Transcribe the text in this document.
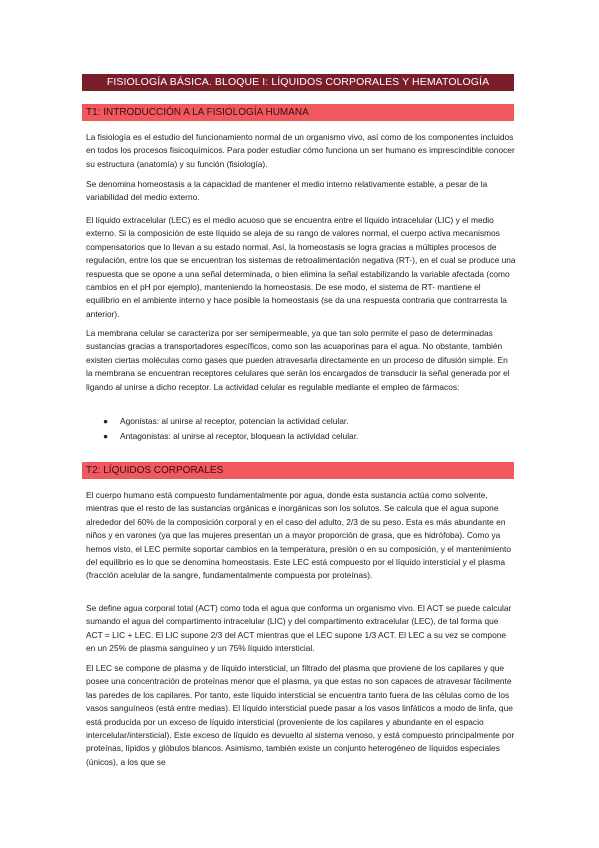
FISIOLOGÍA BÁSICA. BLOQUE I: LÍQUIDOS CORPORALES Y HEMATOLOGÍA
T1: INTRODUCCIÓN A LA FISIOLOGÍA HUMANA

La fisiología es el estudio del funcionamiento normal de un organismo vivo, así como de los componentes incluidos en todos los procesos fisicoquímicos. Para poder estudiar cómo funciona un ser humano es imprescindible conocer su estructura (anatomía) y su función (fisiología).

Se denomina homeostasis a la capacidad de mantener el medio interno relativamente estable, a pesar de la variabilidad del medio externo.

El líquido extracelular (LEC) es el medio acuoso que se encuentra entre el líquido intracelular (LIC) y el medio externo. Si la composición de este líquido se aleja de su rango de valores normal, el cuerpo activa mecanismos compensatorios que lo llevan a su estado normal. Así, la homeostasis se logra gracias a múltiples procesos de regulación, entre los que se encuentran los sistemas de retroalimentación negativa (RT-), en el cual se produce una respuesta que se opone a una señal determinada, o bien elimina la señal estabilizando la variable afectada (como cambios en el pH por ejemplo), manteniendo la homeostasis. De ese modo, el sistema de RT- mantiene el equilibrio en el ambiente interno y hace posible la homeostasis (se da una respuesta contraria que contrarresta la anterior).

La membrana celular se caracteriza por ser semipermeable, ya que tan solo permite el paso de determinadas sustancias gracias a transportadores específicos, como son las acuaporinas para el agua. No obstante, también existen ciertas moléculas como gases que pueden atravesarla directamente en un proceso de difusión simple. En la membrana se encuentran receptores celulares que serán los encargados de transducir la señal generada por el ligando al unirse a dicho receptor. La actividad celular es regulable mediante el empleo de fármacos:

● Agonistas: al unirse al receptor, potencian la actividad celular.
● Antagonistas: al unirse al receptor, bloquean la actividad celular.
T2: LÍQUIDOS CORPORALES

El cuerpo humano está compuesto fundamentalmente por agua, donde esta sustancia actúa como solvente, mientras que el resto de las sustancias orgánicas e inorgánicas son los solutos. Se calcula que el agua supone alrededor del 60% de la composición corporal y en el caso del adulto, 2/3 de su peso. Esta es más abundante en niños y en varones (ya que las mujeres presentan un a mayor proporción de grasa, que es hidrófoba). Como ya hemos visto, el LEC permite soportar cambios en la temperatura, presión o en su composición, y el mantenimiento del equilibrio es lo que se denomina homeostasis. Este LEC está compuesto por el líquido intersticial y el plasma (fracción acelular de la sangre, fundamentalmente compuesta por proteínas).

Se define agua corporal total (ACT) como toda el agua que conforma un organismo vivo. El ACT se puede calcular sumando el agua del compartimento intracelular (LIC) y del compartimento extracelular (LEC), de tal forma que ACT = LIC + LEC. El LIC supone 2/3 del ACT mientras que el LEC supone 1/3 ACT. El LEC a su vez se compone en un 25% de plasma sanguíneo y un 75% líquido intersticial.

El LEC se compone de plasma y de líquido intersticial, un filtrado del plasma que proviene de los capilares y que posee una concentración de proteínas menor que el plasma, ya que estas no son capaces de atravesar fácilmente las paredes de los capilares. Por tanto, este líquido intersticial se encuentra tanto fuera de las células como de los vasos sanguíneos (está entre medias). El líquido intersticial puede pasar a los vasos linfáticos a modo de linfa, que está producida por un exceso de líquido intersticial (proveniente de los capilares y abundante en el espacio intercelular/intersticial). Este exceso de líquido es devuelto al sistema venoso, y está compuesto principalmente por proteínas, lípidos y glóbulos blancos. Asimismo, también existe un conjunto heterogéneo de líquidos especiales (únicos), a los que se
